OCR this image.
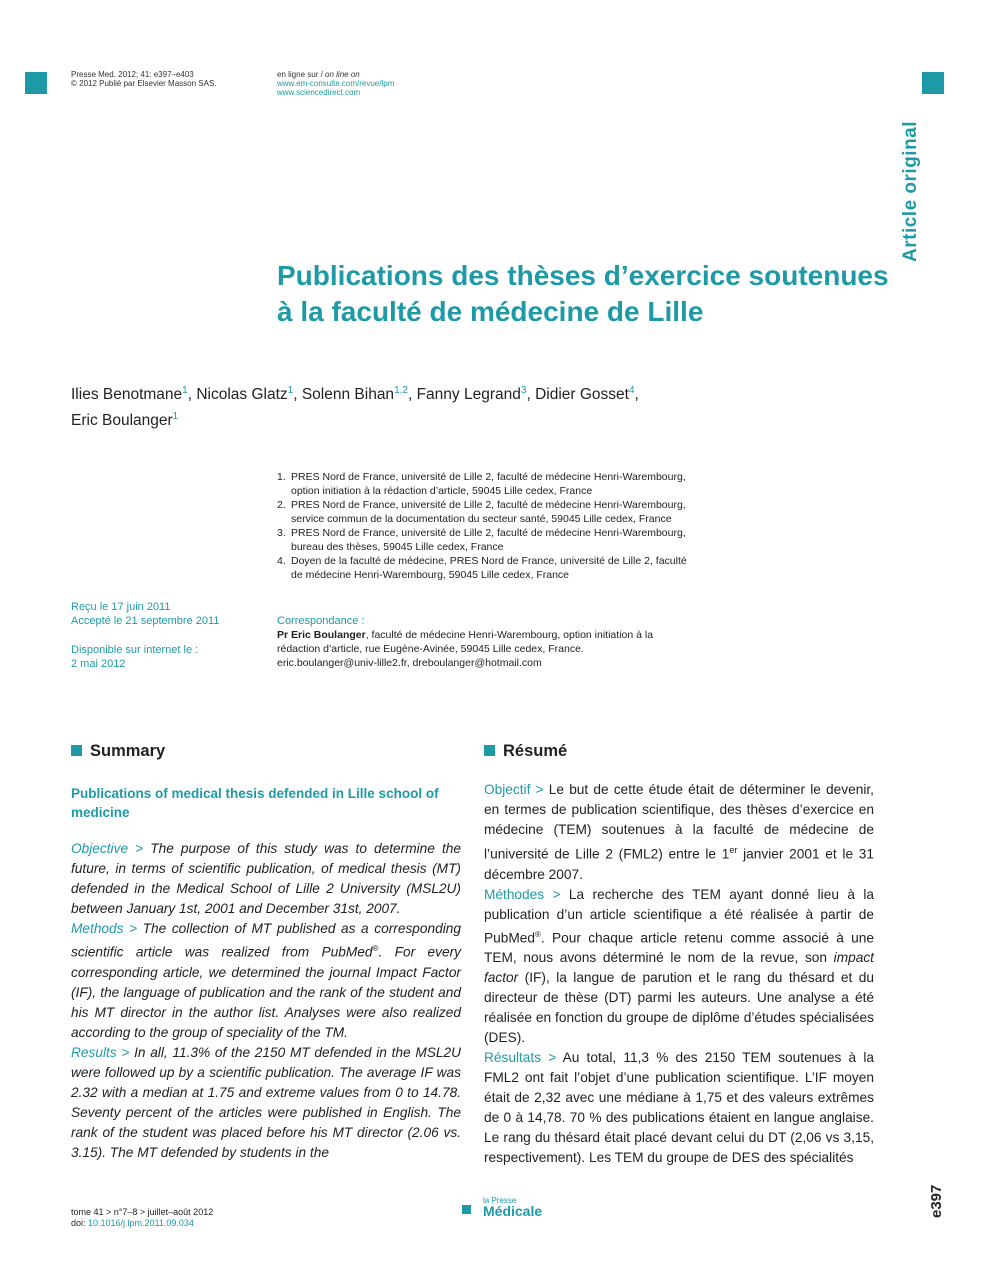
Presse Med. 2012; 41: e397–e403
© 2012 Publié par Elsevier Masson SAS.
en ligne sur / on line on
www.em-consulte.com/revue/lpm
www.sciencedirect.com
Article original
Publications des thèses d’exercice soutenues
à la faculté de médecine de Lille
Ilies Benotmane$^1$, Nicolas Glatz$^1$, Solenn Bihan$^{1,2}$, Fanny Legrand$^3$, Didier Gosset$^4$,
Eric Boulanger$^1$
1. PRES Nord de France, université de Lille 2, faculté de médecine Henri-Warembourg, option initiation à la rédaction d’article, 59045 Lille cedex, France
2. PRES Nord de France, université de Lille 2, faculté de médecine Henri-Warembourg, service commun de la documentation du secteur santé, 59045 Lille cedex, France
3. PRES Nord de France, université de Lille 2, faculté de médecine Henri-Warembourg, bureau des thèses, 59045 Lille cedex, France
4. Doyen de la faculté de médecine, PRES Nord de France, université de Lille 2, faculté de médecine Henri-Warembourg, 59045 Lille cedex, France
Reçu le 17 juin 2011
Accepté le 21 septembre 2011
Disponible sur internet le :
2 mai 2012
Correspondance :
Pr Eric Boulanger, faculté de médecine Henri-Warembourg, option initiation à la rédaction d’article, rue Eugène-Avinée, 59045 Lille cedex, France.
eric.boulanger@univ-lille2.fr, dreboulanger@hotmail.com
Summary	Résumé
Publications of medical thesis defended in Lille school of medicine

Objective > The purpose of this study was to determine the future, in terms of scientific publication, of medical thesis (MT) defended in the Medical School of Lille 2 University (MSL2U) between January 1st, 2001 and December 31st, 2007.

Methods > The collection of MT published as a corresponding scientific article was realized from PubMed®. For every corresponding article, we determined the journal Impact Factor (IF), the language of publication and the rank of the student and his MT director in the author list. Analyses were also realized according to the group of speciality of the TM.

Results > In all, 11.3% of the 2150 MT defended in the MSL2U were followed up by a scientific publication. The average IF was 2.32 with a median at 1.75 and extreme values from 0 to 14.78. Seventy percent of the articles were published in English. The rank of the student was placed before his MT director (2.06 vs. 3.15). The MT defended by students in the

Objectif > Le but de cette étude était de déterminer le devenir, en termes de publication scientifique, des thèses d’exercice en médecine (TEM) soutenues à la faculté de médecine de l’université de Lille 2 (FML2) entre le 1er janvier 2001 et le 31 décembre 2007.

Méthodes > La recherche des TEM ayant donné lieu à la publication d’un article scientifique a été réalisée à partir de PubMed®. Pour chaque article retenu comme associé à une TEM, nous avons déterminé le nom de la revue, son impact factor (IF), la langue de parution et le rang du thésard et du directeur de thèse (DT) parmi les auteurs. Une analyse a été réalisée en fonction du groupe de diplôme d’études spécialisées (DES).

Résultats > Au total, 11,3 % des 2150 TEM soutenues à la FML2 ont fait l’objet d’une publication scientifique. L’IF moyen était de 2,32 avec une médiane à 1,75 et des valeurs extrêmes de 0 à 14,78. 70 % des publications étaient en langue anglaise. Le rang du thésard était placé devant celui du DT (2,06 vs 3,15, respectivement). Les TEM du groupe de DES des spécialités

tome 41 > n°7–8 > juillet–août 2012
doi: 10.1016/j.lpm.2011.09.034
la Presse
Médicale	e397
